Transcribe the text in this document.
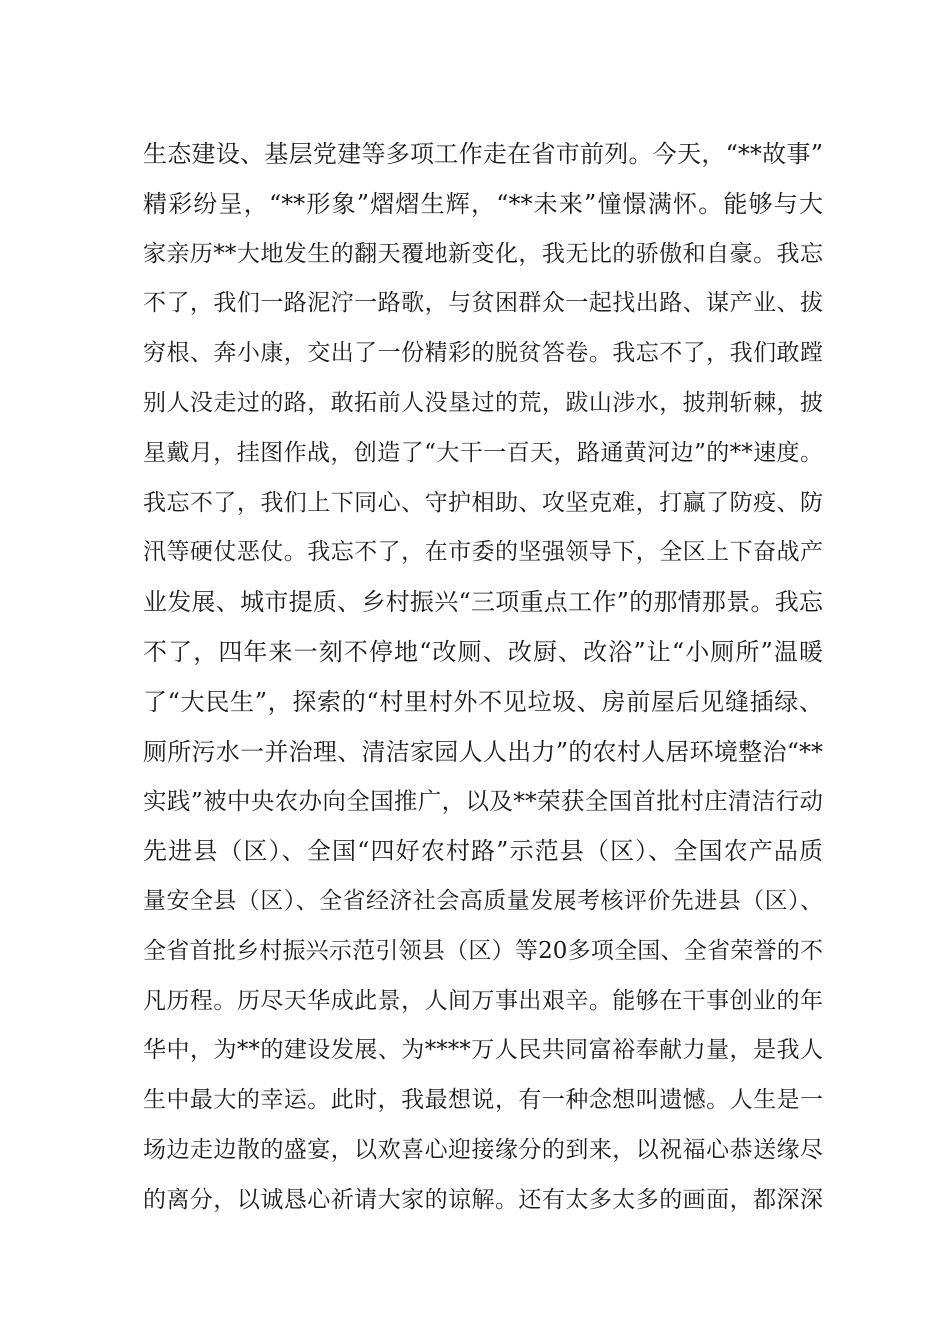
生态建设、基层党建等多项工作走在省市前列。今天，“**故事”
精彩纷呈，“**形象”熠熠生辉，“**未来”憧憬满怀。能够与大
家亲历**大地发生的翻天覆地新变化，我无比的骄傲和自豪。我忘
不了，我们一路泥泞一路歌，与贫困群众一起找出路、谋产业、拔
穷根、奔小康，交出了一份精彩的脱贫答卷。我忘不了，我们敢蹚
别人没走过的路，敢拓前人没垦过的荒，跋山涉水，披荆斩棘，披
星戴月，挂图作战，创造了“大干一百天，路通黄河边”的**速度。
我忘不了，我们上下同心、守护相助、攻坚克难，打赢了防疫、防
汛等硬仗恶仗。我忘不了，在市委的坚强领导下，全区上下奋战产
业发展、城市提质、乡村振兴“三项重点工作”的那情那景。我忘
不了，四年来一刻不停地“改厕、改厨、改浴”让“小厕所”温暖
了“大民生”，探索的“村里村外不见垃圾、房前屋后见缝插绿、
厕所污水一并治理、清洁家园人人出力”的农村人居环境整治“**
实践”被中央农办向全国推广，以及**荣获全国首批村庄清洁行动
先进县（区）、全国“四好农村路”示范县（区）、全国农产品质
量安全县（区）、全省经济社会高质量发展考核评价先进县（区）、
全省首批乡村振兴示范引领县（区）等20多项全国、全省荣誉的不
凡历程。历尽天华成此景，人间万事出艰辛。能够在干事创业的年
华中，为**的建设发展、为****万人民共同富裕奉献力量，是我人
生中最大的幸运。此时，我最想说，有一种念想叫遗憾。人生是一
场边走边散的盛宴，以欢喜心迎接缘分的到来，以祝福心恭送缘尽
的离分，以诚恳心祈请大家的谅解。还有太多太多的画面，都深深
